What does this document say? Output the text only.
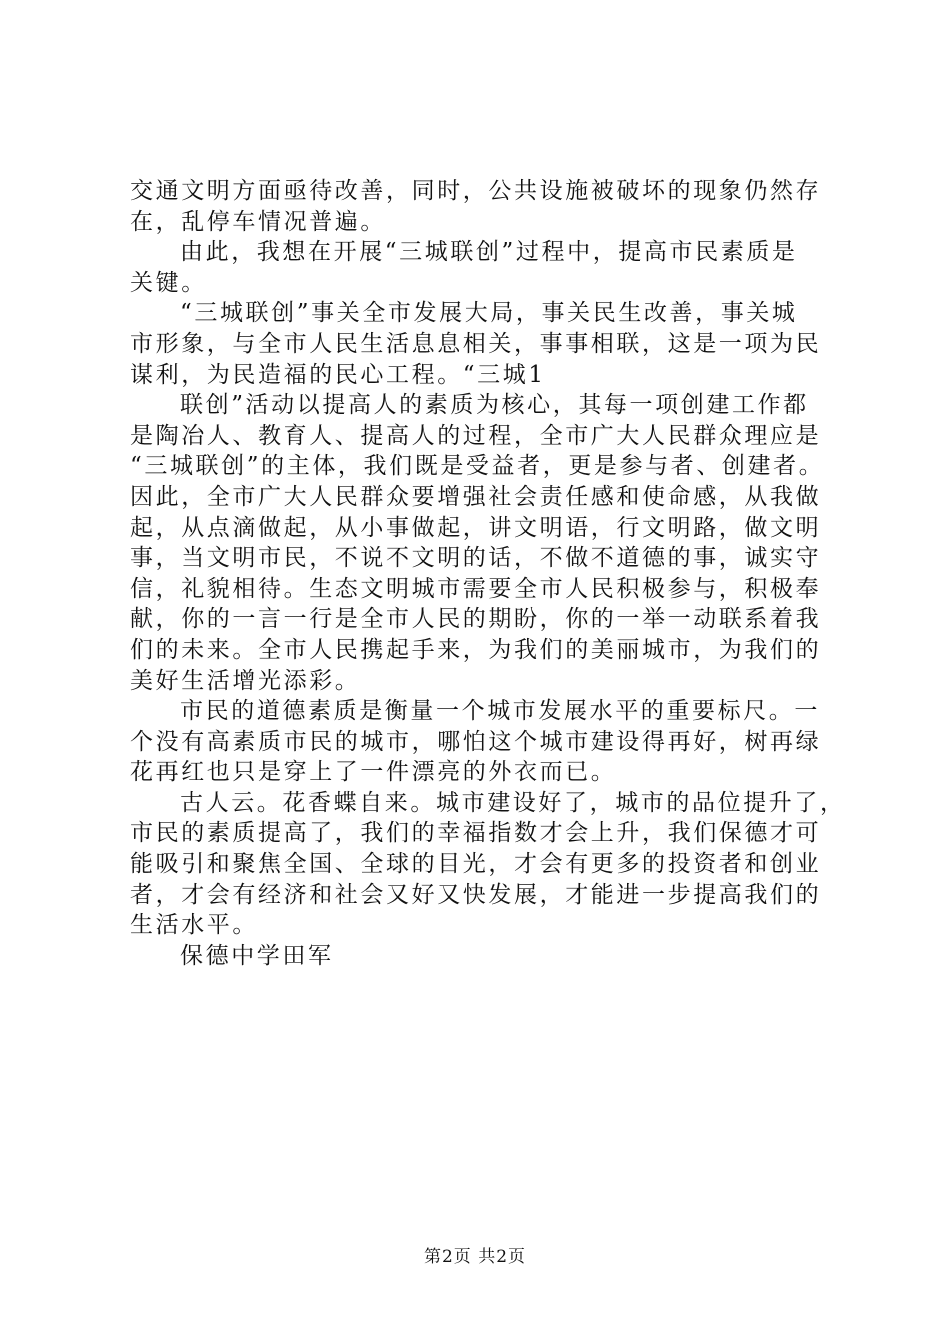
交通文明方面亟待改善，同时，公共设施被破坏的现象仍然存
在，乱停车情况普遍。
由此，我想在开展“三城联创”过程中，提高市民素质是
关键。
“三城联创”事关全市发展大局，事关民生改善，事关城
市形象，与全市人民生活息息相关，事事相联，这是一项为民
谋利，为民造福的民心工程。“三城1
联创”活动以提高人的素质为核心，其每一项创建工作都
是陶冶人、教育人、提高人的过程，全市广大人民群众理应是
“三城联创”的主体，我们既是受益者，更是参与者、创建者。
因此，全市广大人民群众要增强社会责任感和使命感，从我做
起，从点滴做起，从小事做起，讲文明语，行文明路，做文明
事，当文明市民，不说不文明的话，不做不道德的事，诚实守
信，礼貌相待。生态文明城市需要全市人民积极参与，积极奉
献，你的一言一行是全市人民的期盼，你的一举一动联系着我
们的未来。全市人民携起手来，为我们的美丽城市，为我们的
美好生活增光添彩。
市民的道德素质是衡量一个城市发展水平的重要标尺。一
个没有高素质市民的城市，哪怕这个城市建设得再好，树再绿
花再红也只是穿上了一件漂亮的外衣而已。
古人云。花香蝶自来。城市建设好了，城市的品位提升了，
市民的素质提高了，我们的幸福指数才会上升，我们保德才可
能吸引和聚焦全国、全球的目光，才会有更多的投资者和创业
者，才会有经济和社会又好又快发展，才能进一步提高我们的
生活水平。
保德中学田军
第2页 共2页
